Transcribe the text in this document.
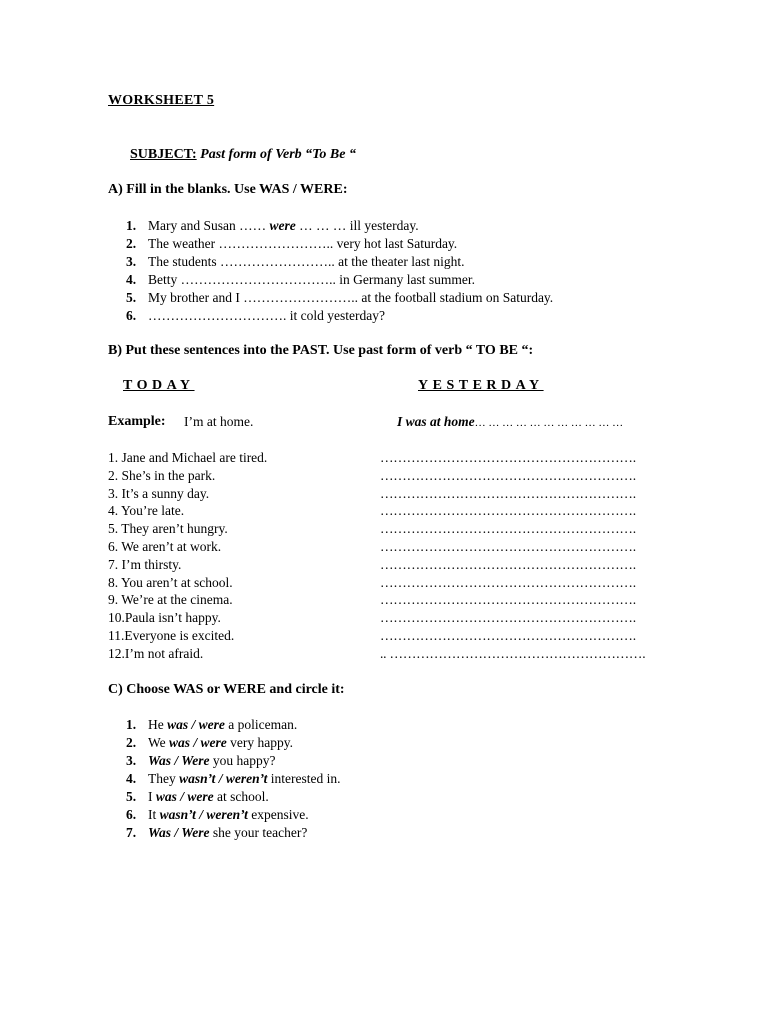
WORKSHEET 5
SUBJECT: Past form of Verb “To Be “
A) Fill in the blanks. Use WAS / WERE:
1. Mary and Susan …… were … … … ill yesterday.
2. The weather …………………….. very hot last Saturday.
3. The students …………………….. at the theater last night.
4. Betty …………………………….. in Germany last summer.
5. My brother and I …………………….. at the football stadium on Saturday.
6. …………………………. it cold yesterday?
B) Put these sentences into the PAST. Use past form of verb “ TO BE “:
TODAY	YESTERDAY
Example: I’m at home.	I was at home… … … … … … … … … … …
1. Jane and Michael are tired.
2. She’s in the park.
3. It’s a sunny day.
4. You’re late.
5. They aren’t hungry.
6. We aren’t at work.
7. I’m thirsty.
8. You aren’t at school.
9. We’re at the cinema.
10.Paula isn’t happy.
11.Everyone is excited.
12.I’m not afraid.
………………………………………………….
………………………………………………….
………………………………………………….
………………………………………………….
………………………………………………….
………………………………………………….
………………………………………………….
………………………………………………….
………………………………………………….
………………………………………………….
………………………………………………….
.. ………………………………………………….
C) Choose WAS or WERE and circle it:
1. He was / were a policeman.
2. We was / were very happy.
3. Was / Were you happy?
4. They wasn’t / weren’t interested in.
5. I was / were at school.
6. It wasn’t / weren’t expensive.
7. Was / Were she your teacher?
